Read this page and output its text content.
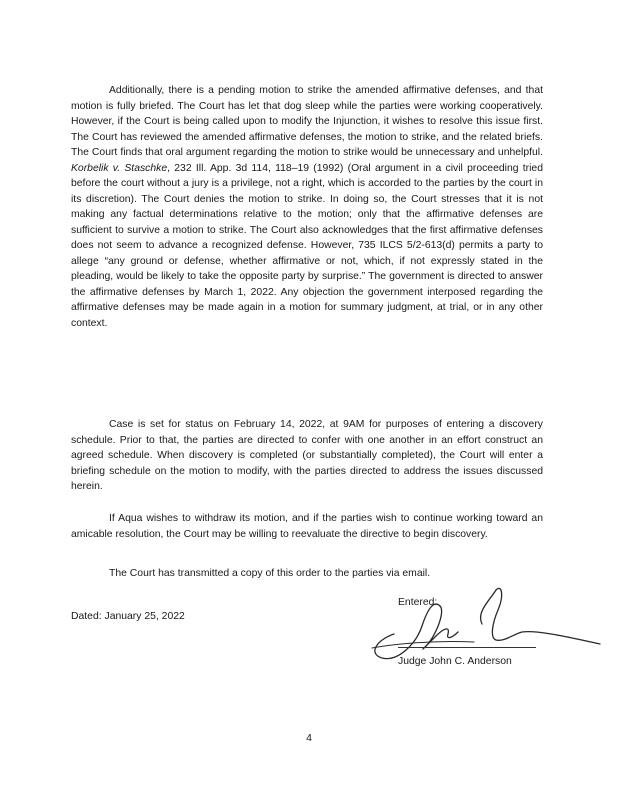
Additionally, there is a pending motion to strike the amended affirmative defenses, and that motion is fully briefed. The Court has let that dog sleep while the parties were working cooperatively. However, if the Court is being called upon to modify the Injunction, it wishes to resolve this issue first. The Court has reviewed the amended affirmative defenses, the motion to strike, and the related briefs. The Court finds that oral argument regarding the motion to strike would be unnecessary and unhelpful. Korbelik v. Staschke, 232 Ill. App. 3d 114, 118–19 (1992) (Oral argument in a civil proceeding tried before the court without a jury is a privilege, not a right, which is accorded to the parties by the court in its discretion). The Court denies the motion to strike. In doing so, the Court stresses that it is not making any factual determinations relative to the motion; only that the affirmative defenses are sufficient to survive a motion to strike. The Court also acknowledges that the first affirmative defenses does not seem to advance a recognized defense. However, 735 ILCS 5/2-613(d) permits a party to allege “any ground or defense, whether affirmative or not, which, if not expressly stated in the pleading, would be likely to take the opposite party by surprise.” The government is directed to answer the affirmative defenses by March 1, 2022. Any objection the government interposed regarding the affirmative defenses may be made again in a motion for summary judgment, at trial, or in any other context.

Case is set for status on February 14, 2022, at 9AM for purposes of entering a discovery schedule. Prior to that, the parties are directed to confer with one another in an effort construct an agreed schedule. When discovery is completed (or substantially completed), the Court will enter a briefing schedule on the motion to modify, with the parties directed to address the issues discussed herein.

If Aqua wishes to withdraw its motion, and if the parties wish to continue working toward an amicable resolution, the Court may be willing to reevaluate the directive to begin discovery.

The Court has transmitted a copy of this order to the parties via email.

Dated: January 25, 2022
Entered:
Judge John C. Anderson
4
